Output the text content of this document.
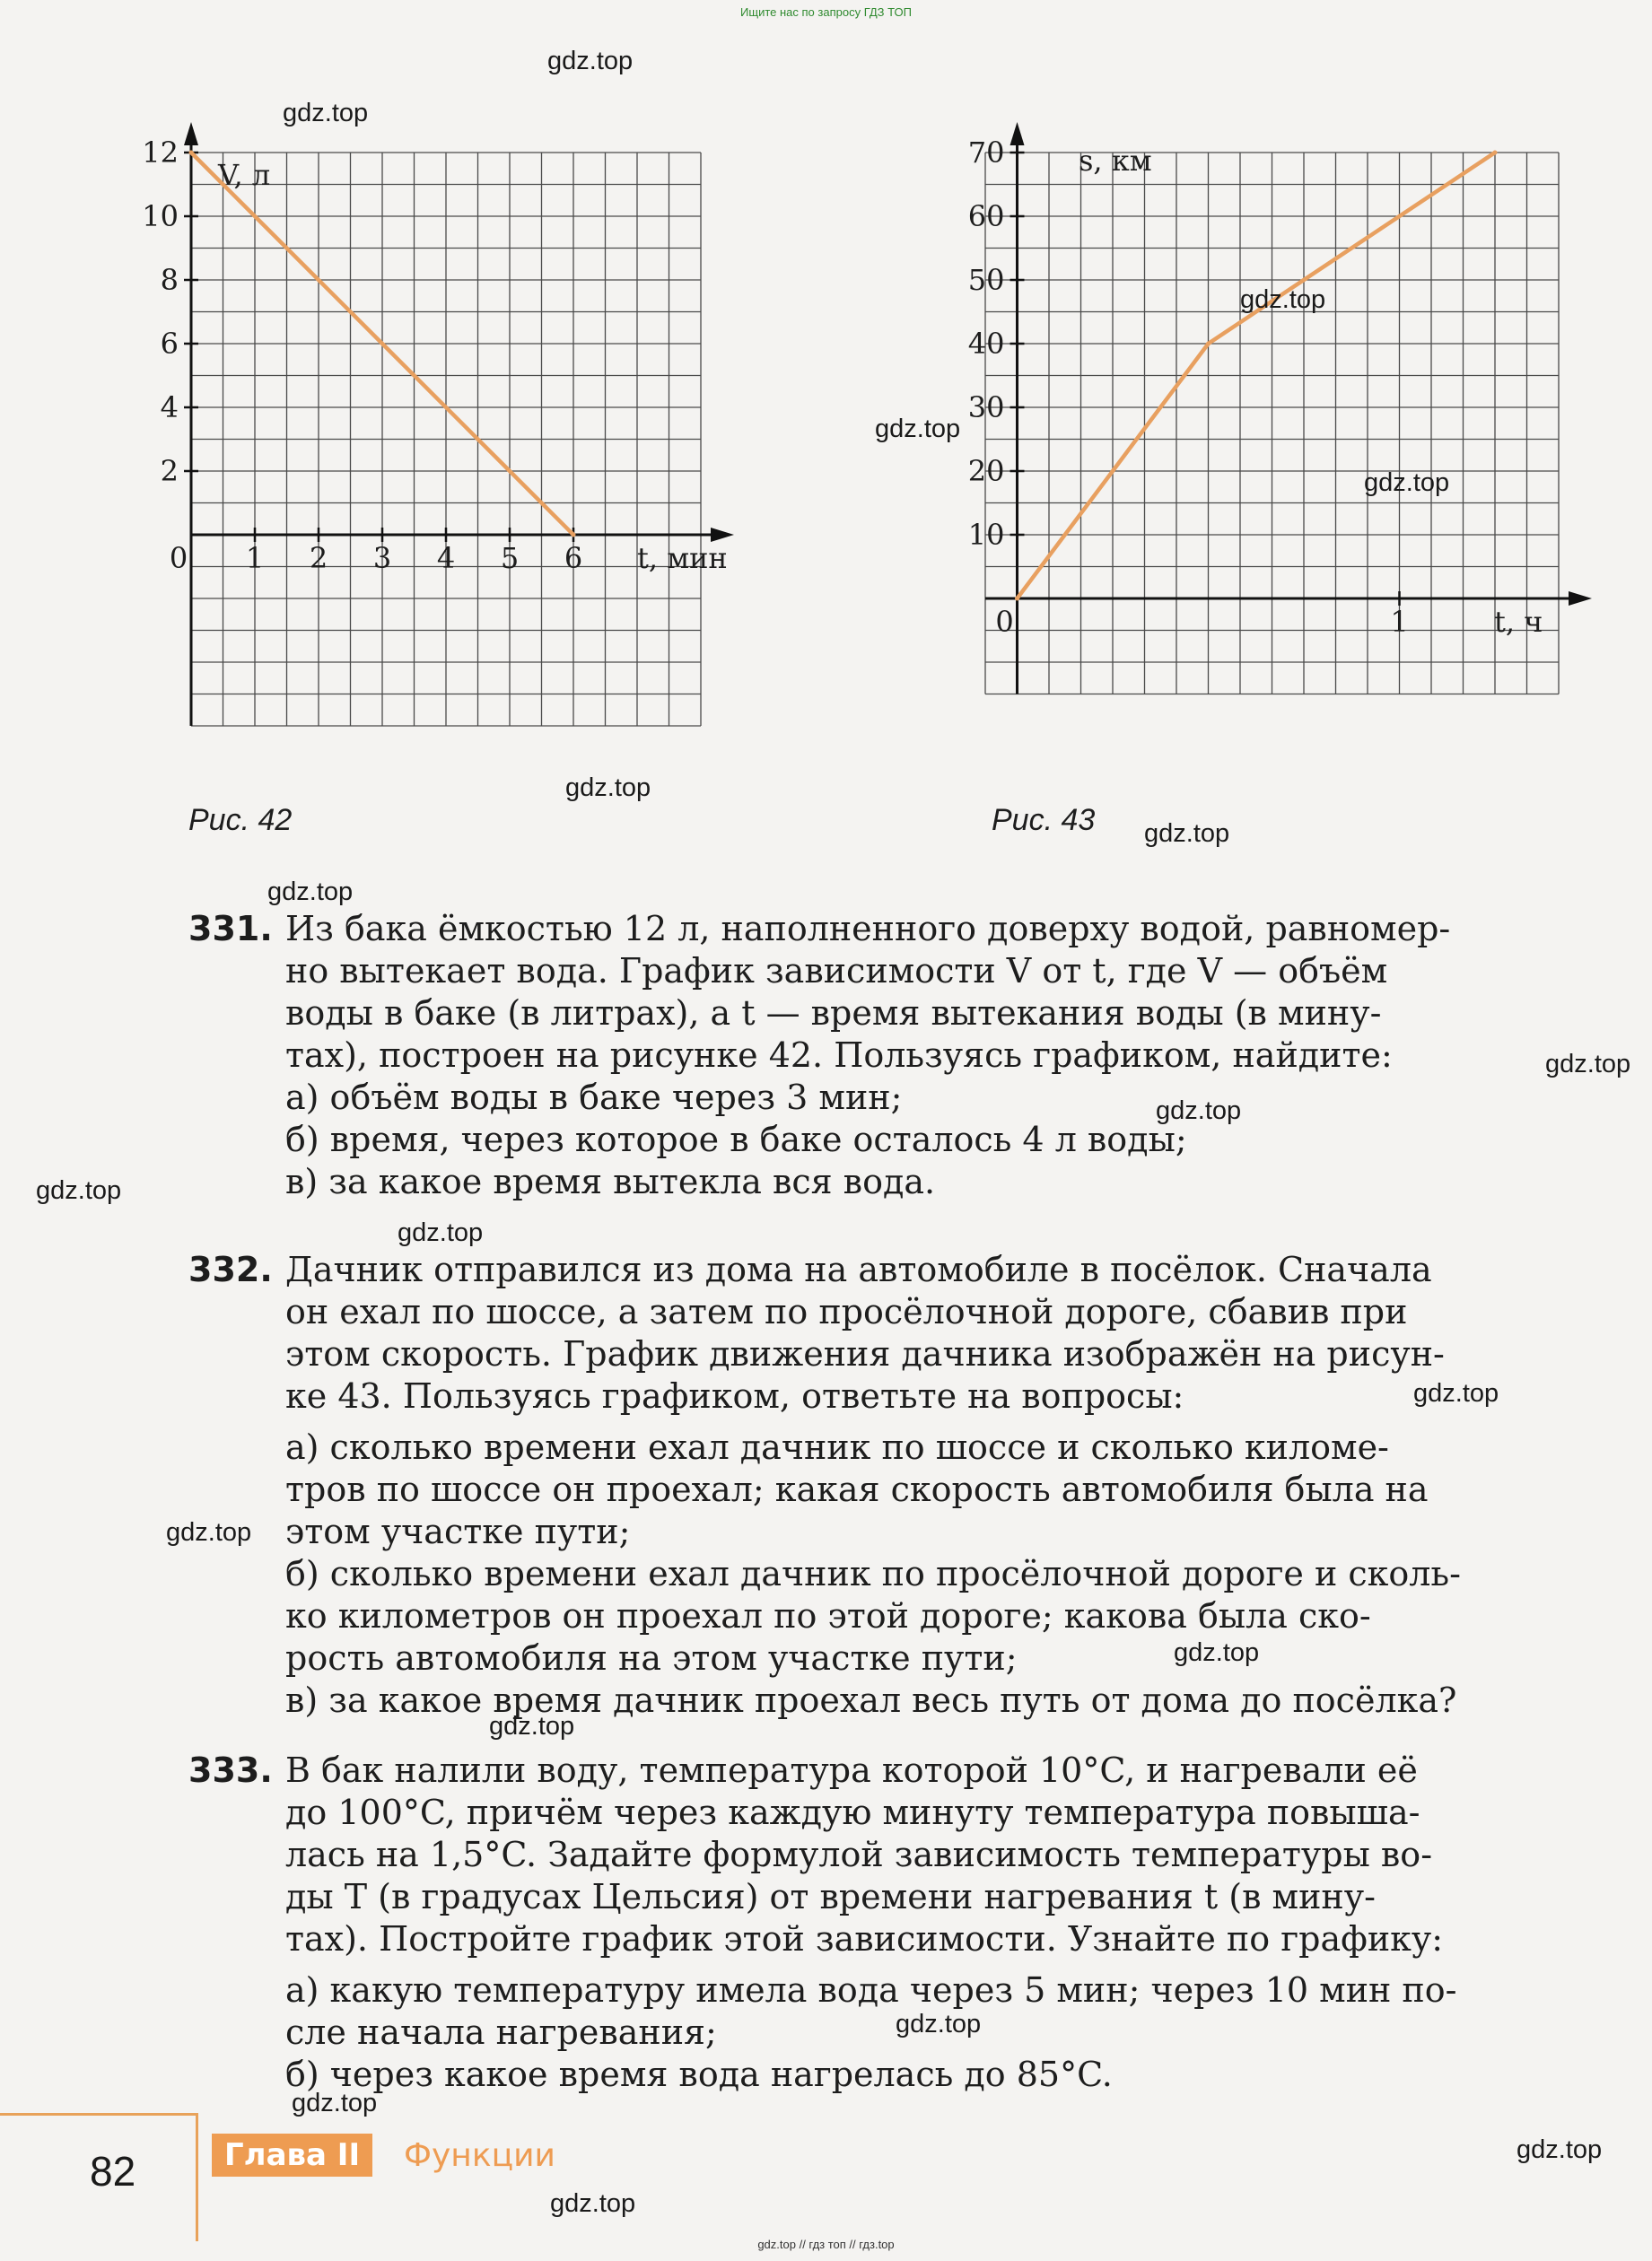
Ищите нас по запросу ГДЗ ТОП
2
4
6
8
10
12
0 1 2 3 4 5 6
V, л
t, мин
Рис. 42
10
20
30
40
50
60
70
0	1
s, км
t, ч
Рис. 43
331. Из бака ёмкостью 12 л, наполненного доверху водой, равномер-
но вытекает вода. График зависимости V от t, где V — объём
воды в баке (в литрах), а t — время вытекания воды (в мину-
тах), построен на рисунке 42. Пользуясь графиком, найдите:
а) объём воды в баке через 3 мин;
б) время, через которое в баке осталось 4 л воды;
в) за какое время вытекла вся вода.
332. Дачник отправился из дома на автомобиле в посёлок. Сначала
он ехал по шоссе, а затем по просёлочной дороге, сбавив при
этом скорость. График движения дачника изображён на рисун-
ке 43. Пользуясь графиком, ответьте на вопросы:
а) сколько времени ехал дачник по шоссе и сколько киломе-
тров по шоссе он проехал; какая скорость автомобиля была на
этом участке пути;
б) сколько времени ехал дачник по просёлочной дороге и сколь-
ко километров он проехал по этой дороге; какова была ско-
рость автомобиля на этом участке пути;
в) за какое время дачник проехал весь путь от дома до посёлка?
333. В бак налили воду, температура которой 10°C, и нагревали её
до 100°C, причём через каждую минуту температура повыша-
лась на 1,5°C. Задайте формулой зависимость температуры во-
ды T (в градусах Цельсия) от времени нагревания t (в мину-
тах). Постройте график этой зависимости. Узнайте по графику:
а) какую температуру имела вода через 5 мин; через 10 мин по-
сле начала нагревания;
б) через какое время вода нагрелась до 85°C.
gdz.top
gdz.top
gdz.top
gdz.top
gdz.top
gdz.top
gdz.top
gdz.top
gdz.top
gdz.top
gdz.top
gdz.top
gdz.top
gdz.top
gdz.top
gdz.top
gdz.top
gdz.top
gdz.top
gdz.top
82	Глава II	Функции
gdz.top // гдз топ // гдз.top
